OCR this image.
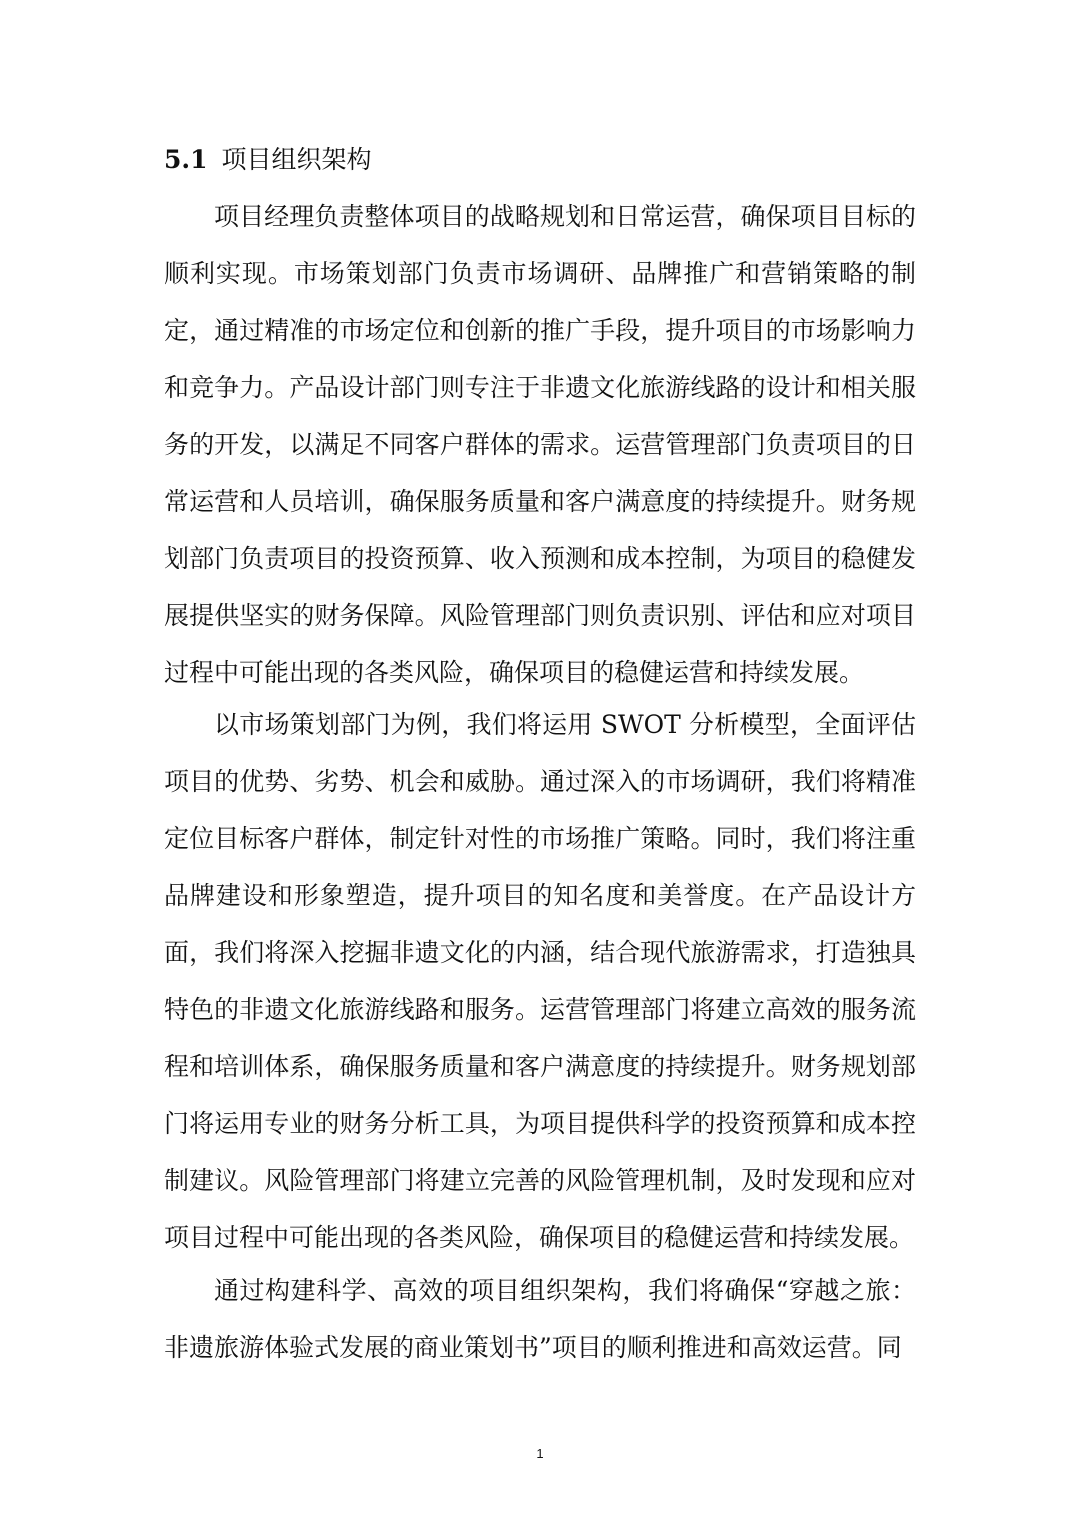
5.1 项目组织架构

项目经理负责整体项目的战略规划和日常运营，确保项目目标的顺利实现。市场策划部门负责市场调研、品牌推广和营销策略的制定，通过精准的市场定位和创新的推广手段，提升项目的市场影响力和竞争力。产品设计部门则专注于非遗文化旅游线路的设计和相关服务的开发，以满足不同客户群体的需求。运营管理部门负责项目的日常运营和人员培训，确保服务质量和客户满意度的持续提升。财务规划部门负责项目的投资预算、收入预测和成本控制，为项目的稳健发展提供坚实的财务保障。风险管理部门则负责识别、评估和应对项目过程中可能出现的各类风险，确保项目的稳健运营和持续发展。

以市场策划部门为例，我们将运用 SWOT 分析模型，全面评估项目的优势、劣势、机会和威胁。通过深入的市场调研，我们将精准定位目标客户群体，制定针对性的市场推广策略。同时，我们将注重品牌建设和形象塑造，提升项目的知名度和美誉度。在产品设计方面，我们将深入挖掘非遗文化的内涵，结合现代旅游需求，打造独具特色的非遗文化旅游线路和服务。运营管理部门将建立高效的服务流程和培训体系，确保服务质量和客户满意度的持续提升。财务规划部门将运用专业的财务分析工具，为项目提供科学的投资预算和成本控制建议。风险管理部门将建立完善的风险管理机制，及时发现和应对项目过程中可能出现的各类风险，确保项目的稳健运营和持续发展。

通过构建科学、高效的项目组织架构，我们将确保“穿越之旅：非遗旅游体验式发展的商业策划书”项目的顺利推进和高效运营。同

1
